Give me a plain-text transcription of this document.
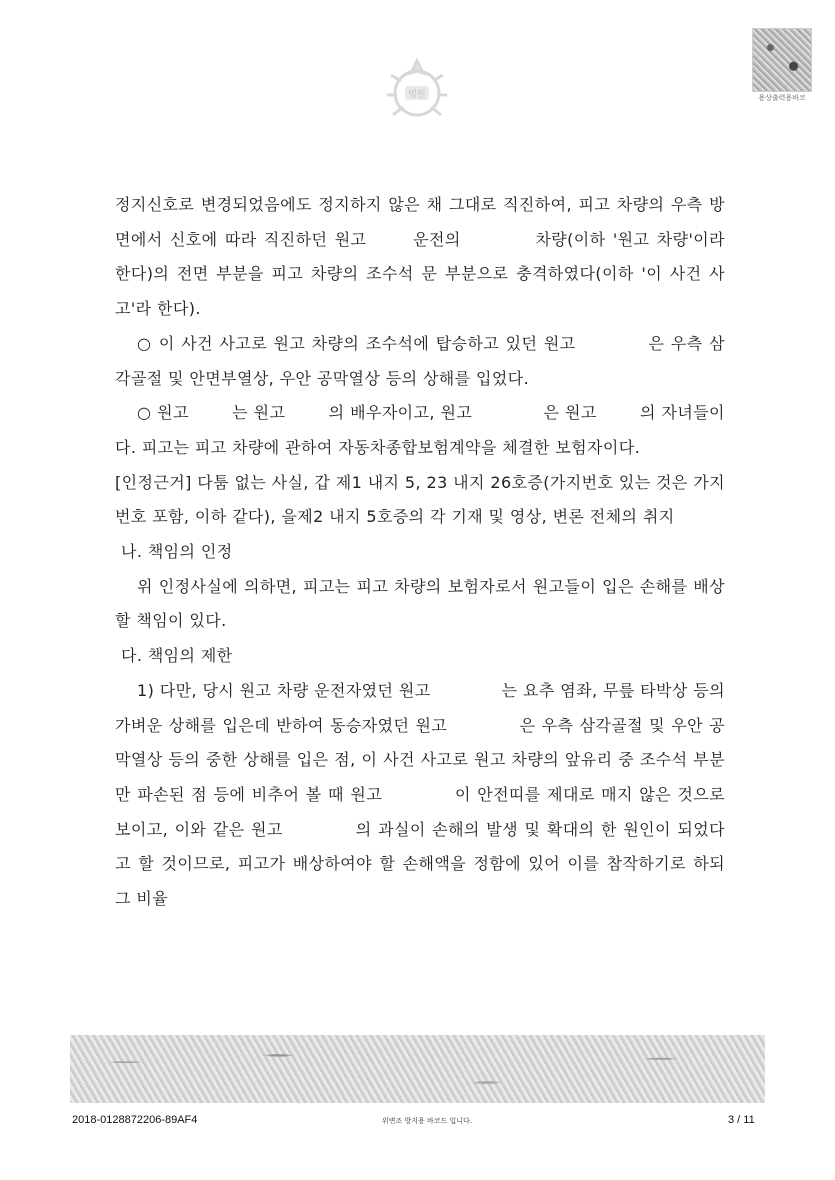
법원	용상출력용바코

정지신호로 변경되었음에도 정지하지 않은 채 그대로 직진하여, 피고 차량의 우측 방면에서 신호에 따라 직진하던 원고	운전의	차량(이하 '원고 차량'이라 한다)의 전면 부분을 피고 차량의 조수석 문 부분으로 충격하였다(이하 '이 사건 사고'라 한다).

○ 이 사건 사고로 원고 차량의 조수석에 탑승하고 있던 원고	은 우측 삼각골절 및 안면부열상, 우안 공막열상 등의 상해를 입었다.

○ 원고	는 원고	의 배우자이고, 원고	은 원고	의 자녀들이다. 피고는 피고 차량에 관하여 자동차종합보험계약을 체결한 보험자이다.

[인정근거] 다툼 없는 사실, 갑 제1 내지 5, 23 내지 26호증(가지번호 있는 것은 가지번호 포함, 이하 같다), 을제2 내지 5호증의 각 기재 및 영상, 변론 전체의 취지

나. 책임의 인정

위 인정사실에 의하면, 피고는 피고 차량의 보험자로서 원고들이 입은 손해를 배상할 책임이 있다.

다. 책임의 제한

1) 다만, 당시 원고 차량 운전자였던 원고	는 요추 염좌, 무릎 타박상 등의 가벼운 상해를 입은데 반하여 동승자였던 원고	은 우측 삼각골절 및 우안 공막열상 등의 중한 상해를 입은 점, 이 사건 사고로 원고 차량의 앞유리 중 조수석 부분만 파손된 점 등에 비추어 볼 때 원고	이 안전띠를 제대로 매지 않은 것으로 보이고, 이와 같은 원고	의 과실이 손해의 발생 및 확대의 한 원인이 되었다고 할 것이므로, 피고가 배상하여야 할 손해액을 정함에 있어 이를 참작하기로 하되 그 비율

2018-0128872206-89AF4	위변조 방지용 바코드 입니다.	3 / 11
